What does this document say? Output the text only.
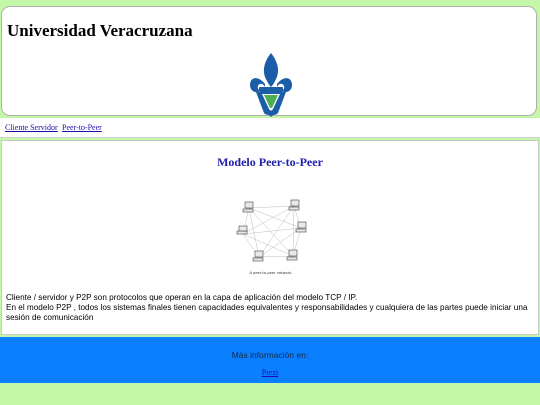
Universidad Veracruzana
Cliente Servidor Peer-to-Peer
Modelo Peer-to-Peer
A peer-to-peer network.

Cliente / servidor y P2P son protocolos que operan en la capa de aplicación del modelo TCP / IP.

En el modelo P2P , todos los sistemas finales tienen capacidades equivalentes y responsabilidades y cualquiera de las partes puede iniciar una sesión de comunicación

Más información en:
Prezi
